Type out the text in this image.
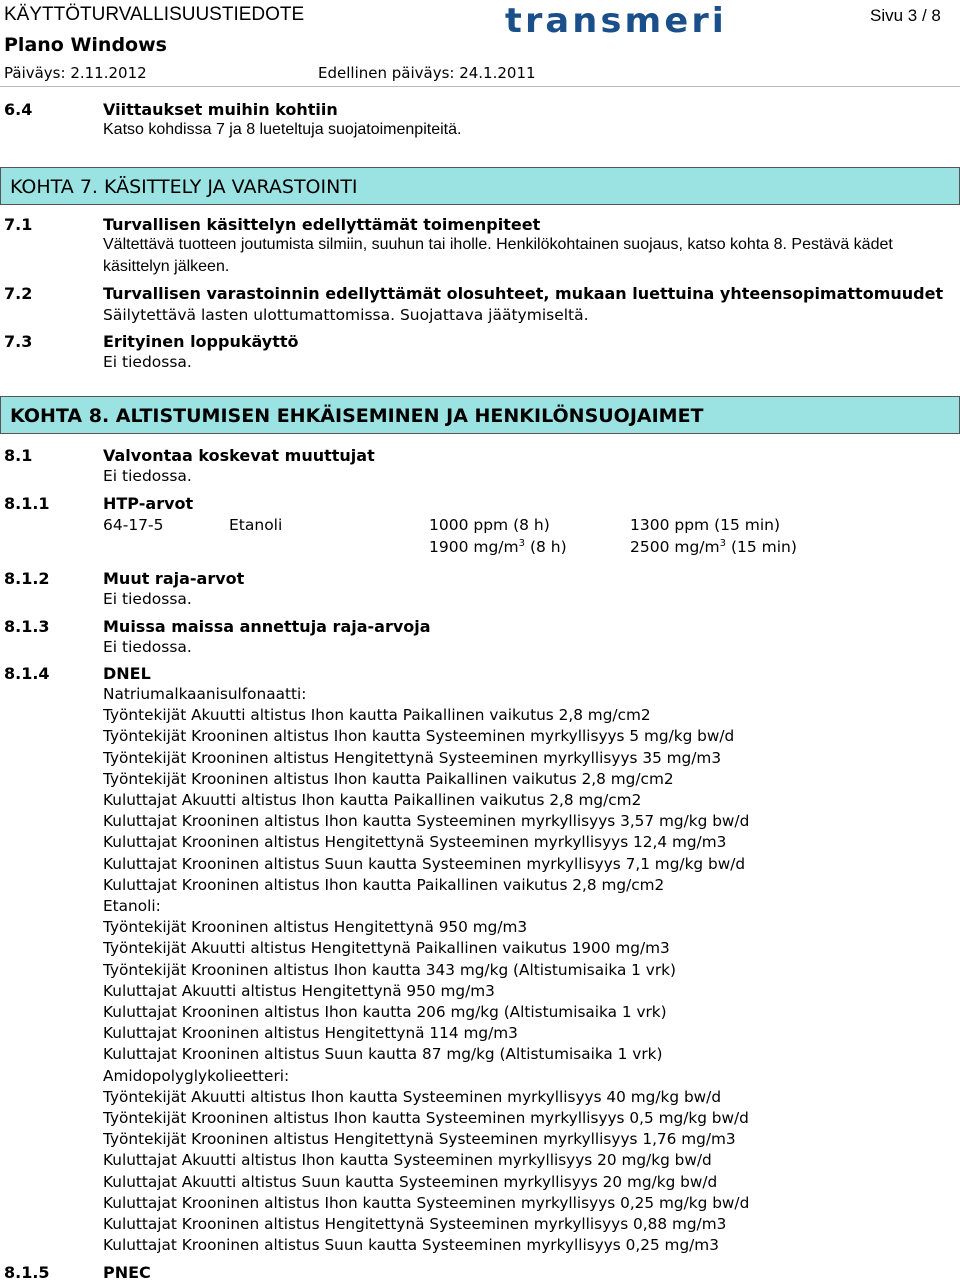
KÄYTTÖTURVALLISUUSTIEDOTE
Plano Windows
Päiväys: 2.11.2012	Edellinen päiväys: 24.1.2011
Sivu 3 / 8
transmeri
6.4	Viittaukset muihin kohtiin
Katso kohdissa 7 ja 8 lueteltuja suojatoimenpiteitä.
KOHTA 7. KÄSITTELY JA VARASTOINTI
7.1	Turvallisen käsittelyn edellyttämät toimenpiteet
Vältettävä tuotteen joutumista silmiin, suuhun tai iholle. Henkilökohtainen suojaus, katso kohta 8. Pestävä kädet
käsittelyn jälkeen.
7.2	Turvallisen varastoinnin edellyttämät olosuhteet, mukaan luettuina yhteensopimattomuudet
Säilytettävä lasten ulottumattomissa. Suojattava jäätymiseltä.
7.3	Erityinen loppukäyttö
Ei tiedossa.
KOHTA 8. ALTISTUMISEN EHKÄISEMINEN JA HENKILÖNSUOJAIMET
8.1	Valvontaa koskevat muuttujat
Ei tiedossa.
8.1.1	HTP-arvot
64-17-5	Etanoli	1000 ppm (8 h)	1300 ppm (15 min)
1900 $mg/m^3$ (8 h)	2500 $mg/m^3$ (15 min)
8.1.2	Muut raja-arvot
Ei tiedossa.
8.1.3	Muissa maissa annettuja raja-arvoja
Ei tiedossa.
8.1.4	DNEL
Natriumalkaanisulfonaatti:
Työntekijät Akuutti altistus Ihon kautta Paikallinen vaikutus 2,8 mg/cm2
Työntekijät Krooninen altistus Ihon kautta Systeeminen myrkyllisyys 5 mg/kg bw/d
Työntekijät Krooninen altistus Hengitettynä Systeeminen myrkyllisyys 35 mg/m3
Työntekijät Krooninen altistus Ihon kautta Paikallinen vaikutus 2,8 mg/cm2
Kuluttajat Akuutti altistus Ihon kautta Paikallinen vaikutus 2,8 mg/cm2
Kuluttajat Krooninen altistus Ihon kautta Systeeminen myrkyllisyys 3,57 mg/kg bw/d
Kuluttajat Krooninen altistus Hengitettynä Systeeminen myrkyllisyys 12,4 mg/m3
Kuluttajat Krooninen altistus Suun kautta Systeeminen myrkyllisyys 7,1 mg/kg bw/d
Kuluttajat Krooninen altistus Ihon kautta Paikallinen vaikutus 2,8 mg/cm2
Etanoli:
Työntekijät Krooninen altistus Hengitettynä 950 mg/m3
Työntekijät Akuutti altistus Hengitettynä Paikallinen vaikutus 1900 mg/m3
Työntekijät Krooninen altistus Ihon kautta 343 mg/kg (Altistumisaika 1 vrk)
Kuluttajat Akuutti altistus Hengitettynä 950 mg/m3
Kuluttajat Krooninen altistus Ihon kautta 206 mg/kg (Altistumisaika 1 vrk)
Kuluttajat Krooninen altistus Hengitettynä 114 mg/m3
Kuluttajat Krooninen altistus Suun kautta 87 mg/kg (Altistumisaika 1 vrk)
Amidopolyglykolieetteri:
Työntekijät Akuutti altistus Ihon kautta Systeeminen myrkyllisyys 40 mg/kg bw/d
Työntekijät Krooninen altistus Ihon kautta Systeeminen myrkyllisyys 0,5 mg/kg bw/d
Työntekijät Krooninen altistus Hengitettynä Systeeminen myrkyllisyys 1,76 mg/m3
Kuluttajat Akuutti altistus Ihon kautta Systeeminen myrkyllisyys 20 mg/kg bw/d
Kuluttajat Akuutti altistus Suun kautta Systeeminen myrkyllisyys 20 mg/kg bw/d
Kuluttajat Krooninen altistus Ihon kautta Systeeminen myrkyllisyys 0,25 mg/kg bw/d
Kuluttajat Krooninen altistus Hengitettynä Systeeminen myrkyllisyys 0,88 mg/m3
Kuluttajat Krooninen altistus Suun kautta Systeeminen myrkyllisyys 0,25 mg/m3
8.1.5	PNEC
